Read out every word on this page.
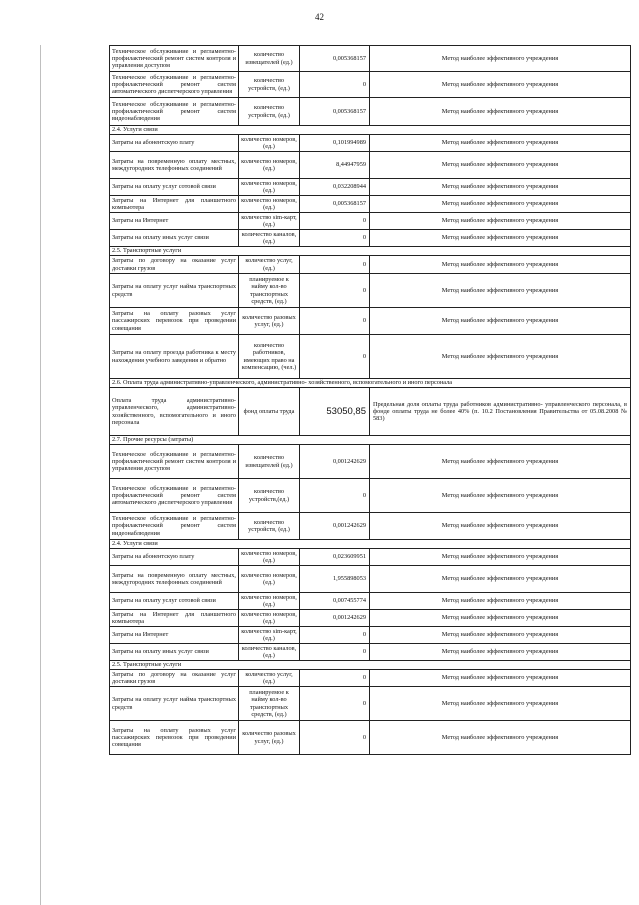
42
Техническое обслуживание и регламентно- профилактический ремонт систем контроля и управления доступом	количество извещателей (ед.)	0,005368157	Метод наиболее эффективного учреждения
Техническое обслуживание и регламентно- профилактический ремонт систем автоматического диспетчерского управления	количество устройств, (ед.)	0	Метод наиболее эффективного учреждения
Техническое обслуживание и регламентно- профилактический ремонт систем видеонаблюдения	количество устройств, (ед.)	0,005368157	Метод наиболее эффективного учреждения
2.4. Услуги связи			
Затраты на абонентскую плату	количество номеров, (ед.)	0,101994989	Метод наиболее эффективного учреждения
Затраты на повременную оплату местных, междугородних телефонных соединений	количество номеров, (ед.)	8,44947959	Метод наиболее эффективного учреждения
Затраты на оплату услуг сотовой связи	количество номеров, (ед.)	0,032208944	Метод наиболее эффективного учреждения
Затраты на Интернет для планшетного компьютера	количество номеров, (ед.)	0,005368157	Метод наиболее эффективного учреждения
Затраты на Интернет	количество sim-карт, (ед.)	0	Метод наиболее эффективного учреждения
Затраты на оплату иных услуг связи	количество каналов, (ед.)	0	Метод наиболее эффективного учреждения
2.5. Транспортные услуги			
Затраты по договору на оказание услуг доставки грузов	количество услуг, (ед.)	0	Метод наиболее эффективного учреждения
Затраты на оплату услуг найма транспортных средств	планируемое к найму кол-во транспортных средств, (ед.)	0	Метод наиболее эффективного учреждения
Затраты на оплату разовых услуг пассажирских перевозок при проведении совещания	количество разовых услуг, (ед.)	0	Метод наиболее эффективного учреждения
Затраты на оплату проезда работника к месту нахождения учебного заведения и обратно	количество работников, имеющих право на компенсацию, (чел.)	0	Метод наиболее эффективного учреждения
2.6. Оплата труда административно-управленческого, административно- хозяйственного, вспомогательного и иного персонала			
Оплата труда административно-управленческого, административно-хозяйственного, вспомогательного и иного персонала	фонд оплаты труда	53050,85	Предельная доля оплаты труда работников административно- управленческого персонала, в фонде оплаты труда не более 40% (п. 10.2 Постановления Правительства от 05.08.2008 № 583)
2.7. Прочие ресурсы (затраты)			
Техническое обслуживание и регламентно- профилактический ремонт систем контроля и управления доступом	количество извещателей (ед.)	0,001242629	Метод наиболее эффективного учреждения
Техническое обслуживание и регламентно- профилактический ремонт систем автоматического диспетчерского управления	количество устройств,(ед.)	0	Метод наиболее эффективного учреждения
Техническое обслуживание и регламентно- профилактический ремонт систем видеонаблюдения	количество устройств, (ед.)	0,001242629	Метод наиболее эффективного учреждения
2.4. Услуги связи			
Затраты на абонентскую плату	количество номеров, (ед.)	0,023609951	Метод наиболее эффективного учреждения
Затраты на повременную оплату местных, междугородних телефонных соединений	количество номеров, (ед.)	1,955898053	Метод наиболее эффективного учреждения
Затраты на оплату услуг сотовой связи	количество номеров, (ед.)	0,007455774	Метод наиболее эффективного учреждения
Затраты на Интернет для планшетного компьютера	количество номеров, (ед.)	0,001242629	Метод наиболее эффективного учреждения
Затраты на Интернет	количество sim-карт, (ед.)	0	Метод наиболее эффективного учреждения
Затраты на оплату иных услуг связи	количество каналов, (ед.)	0	Метод наиболее эффективного учреждения
2.5. Транспортные услуги			
Затраты по договору на оказание услуг доставки грузов	количество услуг, (ед.)	0	Метод наиболее эффективного учреждения
Затраты на оплату услуг найма транспортных средств	планируемое к найму кол-во транспортных средств, (ед.)	0	Метод наиболее эффективного учреждения
Затраты на оплату разовых услуг пассажирских перевозок при проведении совещания	количество разовых услуг, (ед.)	0	Метод наиболее эффективного учреждения
